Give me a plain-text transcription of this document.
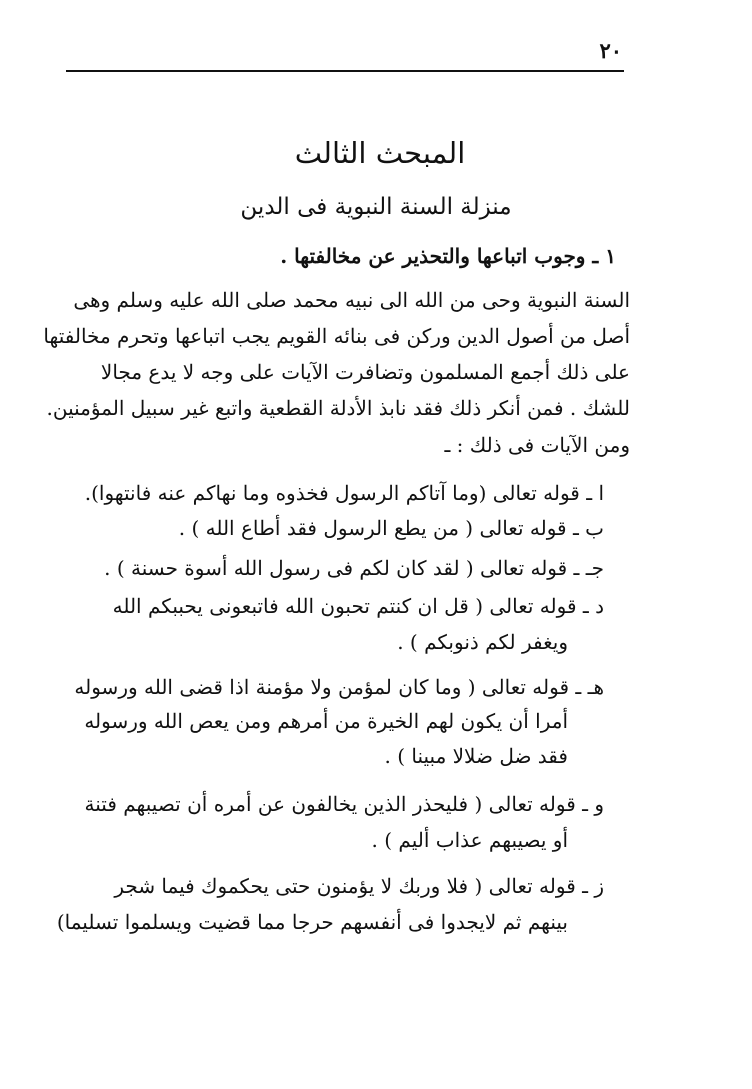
٢٠
المبحث الثالث
منزلة السنة النبوية فى الدين
١ ـ وجوب اتباعها والتحذير عن مخالفتها .
السنة النبوية وحى من الله الى نبيه محمد صلى الله عليه وسلم وهى
أصل من أصول الدين وركن فى بنائه القويم يجب اتباعها وتحرم مخالفتها
على ذلك أجمع المسلمون وتضافرت الآيات على وجه لا يدع مجالا
للشك . فمن أنكر ذلك فقد نابذ الأدلة القطعية واتبع غير سبيل المؤمنين.
ومن الآيات فى ذلك : ـ
ا ـ قوله تعالى (وما آتاكم الرسول فخذوه وما نهاكم عنه فانتهوا).
ب ـ قوله تعالى ( من يطع الرسول فقد أطاع الله ) .
جـ ـ قوله تعالى ( لقد كان لكم فى رسول الله أسوة حسنة ) .
د ـ قوله تعالى ( قل ان كنتم تحبون الله فاتبعونى يحببكم الله
ويغفر لكم ذنوبكم ) .
هـ ـ قوله تعالى ( وما كان لمؤمن ولا مؤمنة اذا قضى الله ورسوله
أمرا أن يكون لهم الخيرة من أمرهم ومن يعص الله ورسوله
فقد ضل ضلالا مبينا ) .
و ـ قوله تعالى ( فليحذر الذين يخالفون عن أمره أن تصيبهم فتنة
أو يصيبهم عذاب أليم ) .
ز ـ قوله تعالى ( فلا وربك لا يؤمنون حتى يحكموك فيما شجر
بينهم ثم لايجدوا فى أنفسهم حرجا مما قضيت ويسلموا تسليما)
